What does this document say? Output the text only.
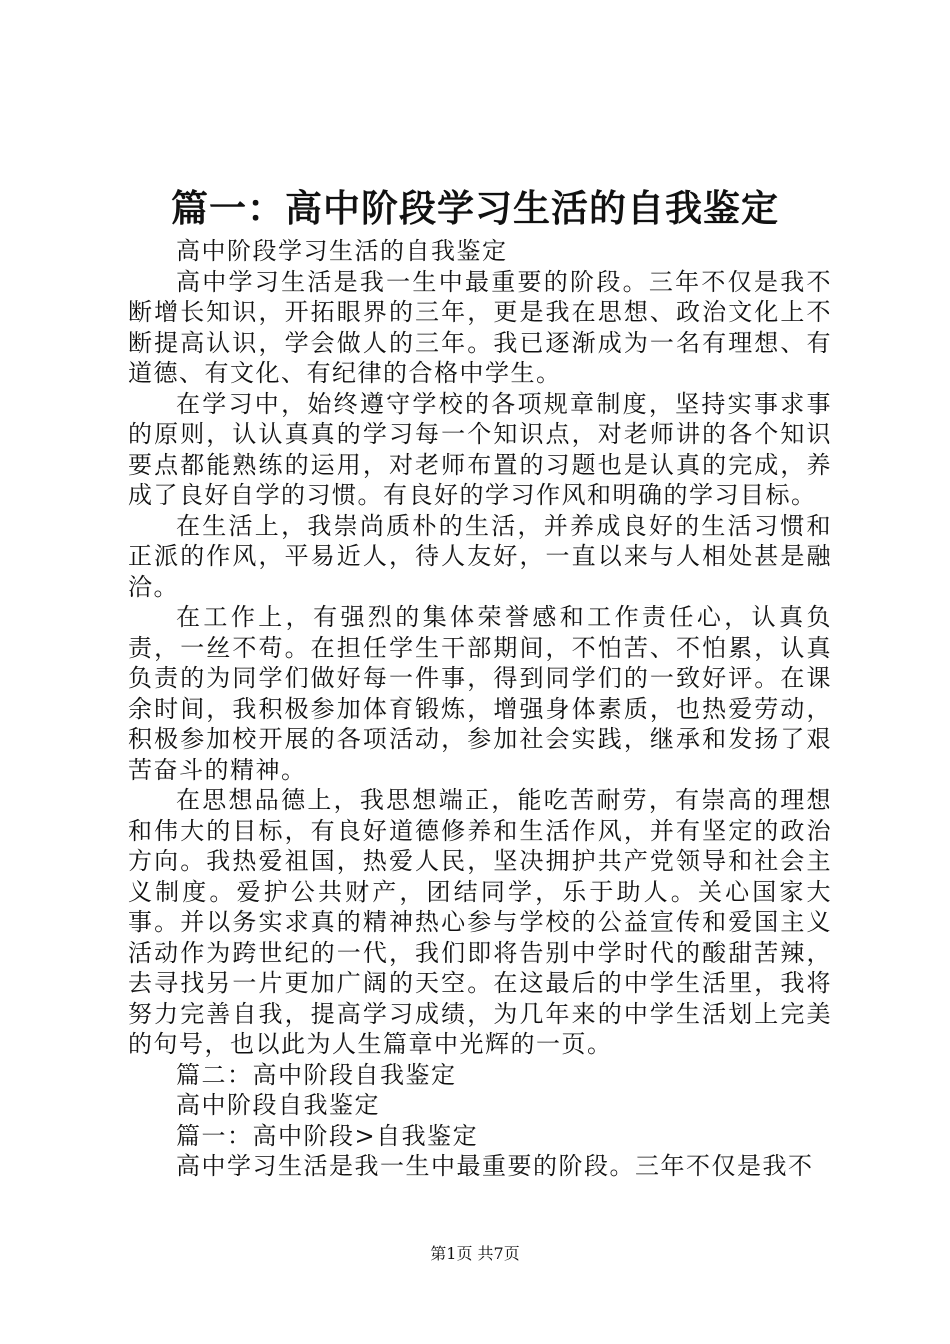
篇一：高中阶段学习生活的自我鉴定

高中阶段学习生活的自我鉴定

高中学习生活是我一生中最重要的阶段。三年不仅是我不断增长知识，开拓眼界的三年，更是我在思想、政治文化上不断提高认识，学会做人的三年。我已逐渐成为一名有理想、有道德、有文化、有纪律的合格中学生。

在学习中，始终遵守学校的各项规章制度，坚持实事求事的原则，认认真真的学习每一个知识点，对老师讲的各个知识要点都能熟练的运用，对老师布置的习题也是认真的完成，养成了良好自学的习惯。有良好的学习作风和明确的学习目标。

在生活上，我崇尚质朴的生活，并养成良好的生活习惯和正派的作风，平易近人，待人友好，一直以来与人相处甚是融洽。

在工作上，有强烈的集体荣誉感和工作责任心，认真负责，一丝不苟。在担任学生干部期间，不怕苦、不怕累，认真负责的为同学们做好每一件事，得到同学们的一致好评。在课余时间，我积极参加体育锻炼，增强身体素质，也热爱劳动，积极参加校开展的各项活动，参加社会实践，继承和发扬了艰苦奋斗的精神。

在思想品德上，我思想端正，能吃苦耐劳，有崇高的理想和伟大的目标，有良好道德修养和生活作风，并有坚定的政治方向。我热爱祖国，热爱人民，坚决拥护共产党领导和社会主义制度。爱护公共财产，团结同学，乐于助人。关心国家大事。并以务实求真的精神热心参与学校的公益宣传和爱国主义活动作为跨世纪的一代，我们即将告别中学时代的酸甜苦辣，去寻找另一片更加广阔的天空。在这最后的中学生活里，我将努力完善自我，提高学习成绩，为几年来的中学生活划上完美的句号，也以此为人生篇章中光辉的一页。

篇二：高中阶段自我鉴定

高中阶段自我鉴定

篇一：高中阶段>自我鉴定

高中学习生活是我一生中最重要的阶段。三年不仅是我不

第1页 共7页
